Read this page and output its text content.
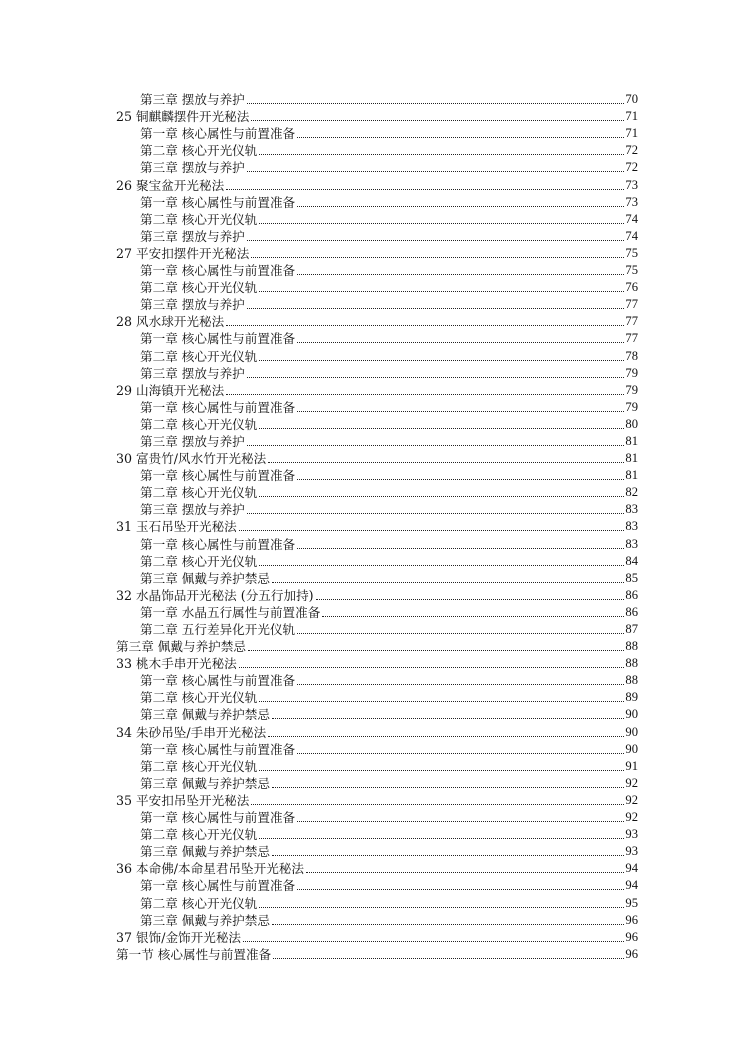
第三章 摆放与养护	70
25 铜麒麟摆件开光秘法	71
第一章 核心属性与前置准备	71
第二章 核心开光仪轨	72
第三章 摆放与养护	72
26 聚宝盆开光秘法	73
第一章 核心属性与前置准备	73
第二章 核心开光仪轨	74
第三章 摆放与养护	74
27 平安扣摆件开光秘法	75
第一章 核心属性与前置准备	75
第二章 核心开光仪轨	76
第三章 摆放与养护	77
28 风水球开光秘法	77
第一章 核心属性与前置准备	77
第二章 核心开光仪轨	78
第三章 摆放与养护	79
29 山海镇开光秘法	79
第一章 核心属性与前置准备	79
第二章 核心开光仪轨	80
第三章 摆放与养护	81
30 富贵竹/风水竹开光秘法	81
第一章 核心属性与前置准备	81
第二章 核心开光仪轨	82
第三章 摆放与养护	83
31 玉石吊坠开光秘法	83
第一章 核心属性与前置准备	83
第二章 核心开光仪轨	84
第三章 佩戴与养护禁忌	85
32 水晶饰品开光秘法 (分五行加持)	86
第一章 水晶五行属性与前置准备	86
第二章 五行差异化开光仪轨	87
第三章 佩戴与养护禁忌	88
33 桃木手串开光秘法	88
第一章 核心属性与前置准备	88
第二章 核心开光仪轨	89
第三章 佩戴与养护禁忌	90
34 朱砂吊坠/手串开光秘法	90
第一章 核心属性与前置准备	90
第二章 核心开光仪轨	91
第三章 佩戴与养护禁忌	92
35 平安扣吊坠开光秘法	92
第一章 核心属性与前置准备	92
第二章 核心开光仪轨	93
第三章 佩戴与养护禁忌	93
36 本命佛/本命星君吊坠开光秘法	94
第一章 核心属性与前置准备	94
第二章 核心开光仪轨	95
第三章 佩戴与养护禁忌	96
37 银饰/金饰开光秘法	96
第一节 核心属性与前置准备	96
